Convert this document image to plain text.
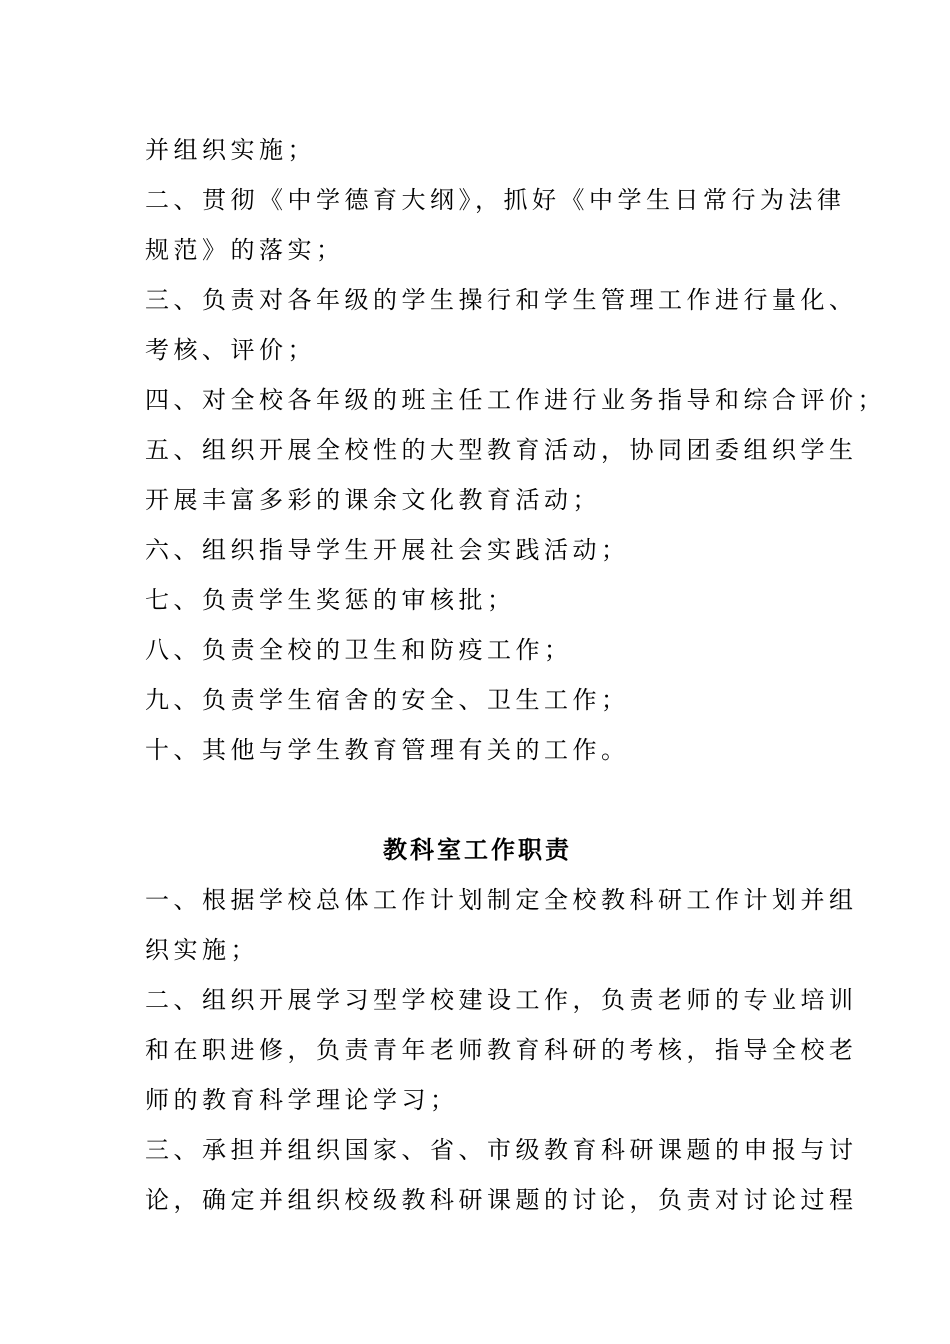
并组织实施；
二、贯彻《中学德育大纲》，抓好《中学生日常行为法律
规范》的落实；
三、负责对各年级的学生操行和学生管理工作进行量化、
考核、评价；
四、对全校各年级的班主任工作进行业务指导和综合评价；
五、组织开展全校性的大型教育活动，协同团委组织学生
开展丰富多彩的课余文化教育活动；
六、组织指导学生开展社会实践活动；
七、负责学生奖惩的审核批；
八、负责全校的卫生和防疫工作；
九、负责学生宿舍的安全、卫生工作；
十、其他与学生教育管理有关的工作。
教科室工作职责
一、根据学校总体工作计划制定全校教科研工作计划并组
织实施；
二、组织开展学习型学校建设工作，负责老师的专业培训
和在职进修，负责青年老师教育科研的考核，指导全校老
师的教育科学理论学习；
三、承担并组织国家、省、市级教育科研课题的申报与讨
论，确定并组织校级教科研课题的讨论，负责对讨论过程
